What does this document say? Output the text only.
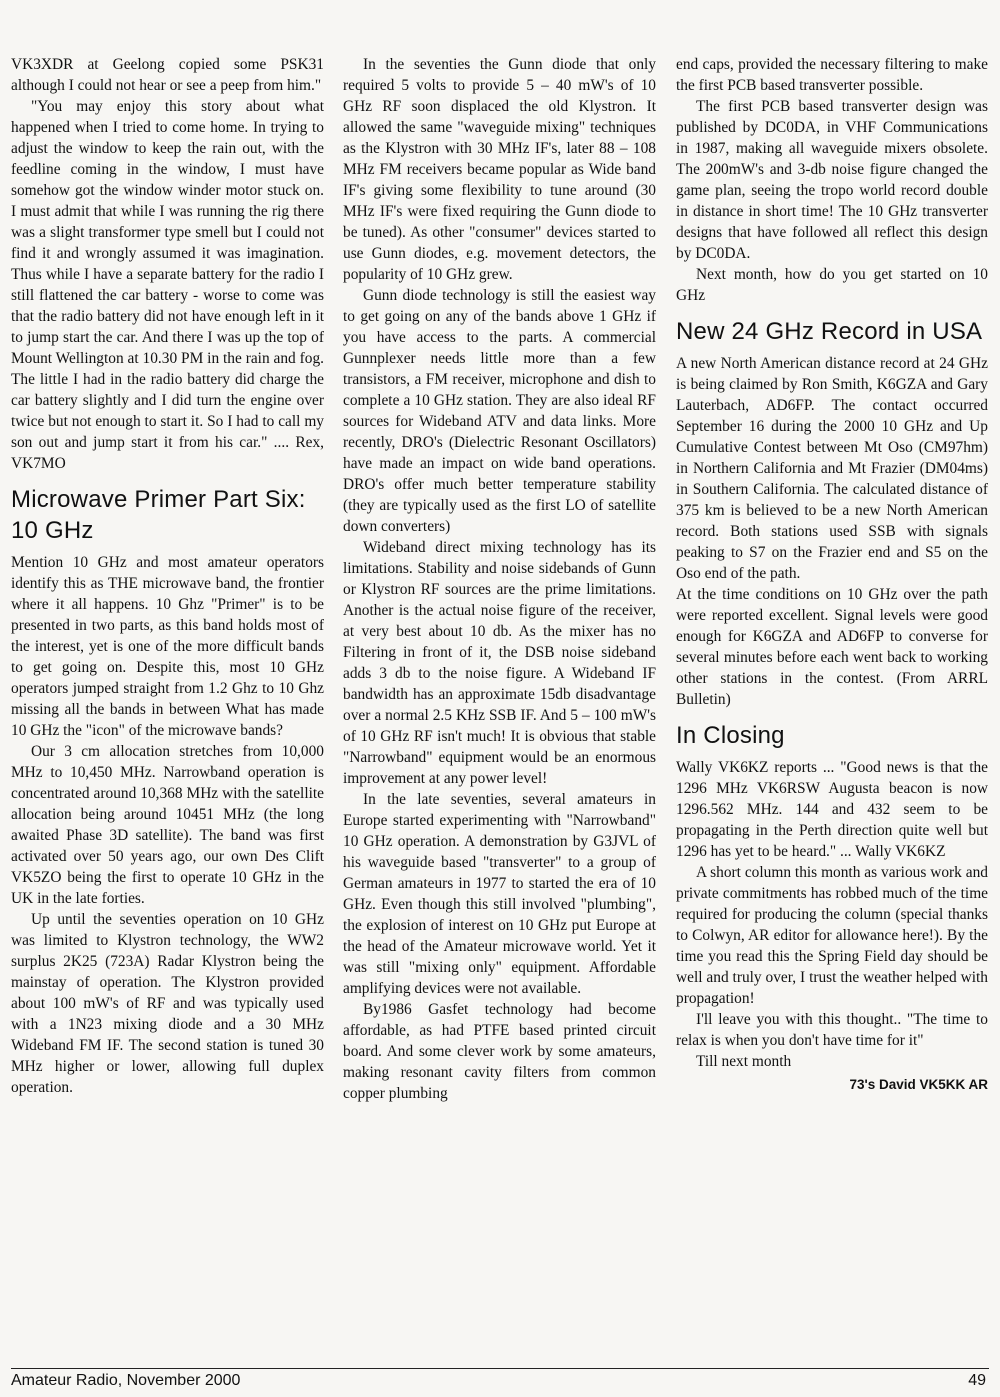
VK3XDR at Geelong copied some PSK31 although I could not hear or see a peep from him."

"You may enjoy this story about what happened when I tried to come home. In trying to adjust the window to keep the rain out, with the feedline coming in the window, I must have somehow got the window winder motor stuck on. I must admit that while I was running the rig there was a slight transformer type smell but I could not find it and wrongly assumed it was imagination. Thus while I have a separate battery for the radio I still flattened the car battery - worse to come was that the radio battery did not have enough left in it to jump start the car. And there I was up the top of Mount Wellington at 10.30 PM in the rain and fog. The little I had in the radio battery did charge the car battery slightly and I did turn the engine over twice but not enough to start it. So I had to call my son out and jump start it from his car." .... Rex, VK7MO

Microwave Primer Part Six: 10 GHz

Mention 10 GHz and most amateur operators identify this as THE microwave band, the frontier where it all happens. 10 Ghz "Primer" is to be presented in two parts, as this band holds most of the interest, yet is one of the more difficult bands to get going on. Despite this, most 10 GHz operators jumped straight from 1.2 Ghz to 10 Ghz missing all the bands in between What has made 10 GHz the "icon" of the microwave bands?

Our 3 cm allocation stretches from 10,000 MHz to 10,450 MHz. Narrowband operation is concentrated around 10,368 MHz with the satellite allocation being around 10451 MHz (the long awaited Phase 3D satellite). The band was first activated over 50 years ago, our own Des Clift VK5ZO being the first to operate 10 GHz in the UK in the late forties.

Up until the seventies operation on 10 GHz was limited to Klystron technology, the WW2 surplus 2K25 (723A) Radar Klystron being the mainstay of operation. The Klystron provided about 100 mW's of RF and was typically used with a 1N23 mixing diode and a 30 MHz Wideband FM IF. The second station is tuned 30 MHz higher or lower, allowing full duplex operation.

In the seventies the Gunn diode that only required 5 volts to provide 5 – 40 mW's of 10 GHz RF soon displaced the old Klystron. It allowed the same "waveguide mixing" techniques as the Klystron with 30 MHz IF's, later 88 – 108 MHz FM receivers became popular as Wide band IF's giving some flexibility to tune around (30 MHz IF's were fixed requiring the Gunn diode to be tuned). As other "consumer" devices started to use Gunn diodes, e.g. movement detectors, the popularity of 10 GHz grew.

Gunn diode technology is still the easiest way to get going on any of the bands above 1 GHz if you have access to the parts. A commercial Gunnplexer needs little more than a few transistors, a FM receiver, microphone and dish to complete a 10 GHz station. They are also ideal RF sources for Wideband ATV and data links. More recently, DRO's (Dielectric Resonant Oscillators) have made an impact on wide band operations. DRO's offer much better temperature stability (they are typically used as the first LO of satellite down converters)

Wideband direct mixing technology has its limitations. Stability and noise sidebands of Gunn or Klystron RF sources are the prime limitations. Another is the actual noise figure of the receiver, at very best about 10 db. As the mixer has no Filtering in front of it, the DSB noise sideband adds 3 db to the noise figure. A Wideband IF bandwidth has an approximate 15db disadvantage over a normal 2.5 KHz SSB IF. And 5 – 100 mW's of 10 GHz RF isn't much! It is obvious that stable "Narrowband" equipment would be an enormous improvement at any power level!

In the late seventies, several amateurs in Europe started experimenting with "Narrowband" 10 GHz operation. A demonstration by G3JVL of his waveguide based "transverter" to a group of German amateurs in 1977 to started the era of 10 GHz. Even though this still involved "plumbing", the explosion of interest on 10 GHz put Europe at the head of the Amateur microwave world. Yet it was still "mixing only" equipment. Affordable amplifying devices were not available.

By1986 Gasfet technology had become affordable, as had PTFE based printed circuit board. And some clever work by some amateurs, making resonant cavity filters from common copper plumbing

end caps, provided the necessary filtering to make the first PCB based transverter possible.

The first PCB based transverter design was published by DC0DA, in VHF Communications in 1987, making all waveguide mixers obsolete. The 200mW's and 3-db noise figure changed the game plan, seeing the tropo world record double in distance in short time! The 10 GHz transverter designs that have followed all reflect this design by DC0DA.

Next month, how do you get started on 10 GHz

New 24 GHz Record in USA

A new North American distance record at 24 GHz is being claimed by Ron Smith, K6GZA and Gary Lauterbach, AD6FP. The contact occurred September 16 during the 2000 10 GHz and Up Cumulative Contest between Mt Oso (CM97hm) in Northern California and Mt Frazier (DM04ms) in Southern California. The calculated distance of 375 km is believed to be a new North American record. Both stations used SSB with signals peaking to S7 on the Frazier end and S5 on the Oso end of the path.

At the time conditions on 10 GHz over the path were reported excellent. Signal levels were good enough for K6GZA and AD6FP to converse for several minutes before each went back to working other stations in the contest. (From ARRL Bulletin)

In Closing

Wally VK6KZ reports ... "Good news is that the 1296 MHz VK6RSW Augusta beacon is now 1296.562 MHz. 144 and 432 seem to be propagating in the Perth direction quite well but 1296 has yet to be heard." ... Wally VK6KZ

A short column this month as various work and private commitments has robbed much of the time required for producing the column (special thanks to Colwyn, AR editor for allowance here!). By the time you read this the Spring Field day should be well and truly over, I trust the weather helped with propagation!

I'll leave you with this thought.. "The time to relax is when you don't have time for it"

Till next month

73's David VK5KK AR
Amateur Radio, November 2000	49
